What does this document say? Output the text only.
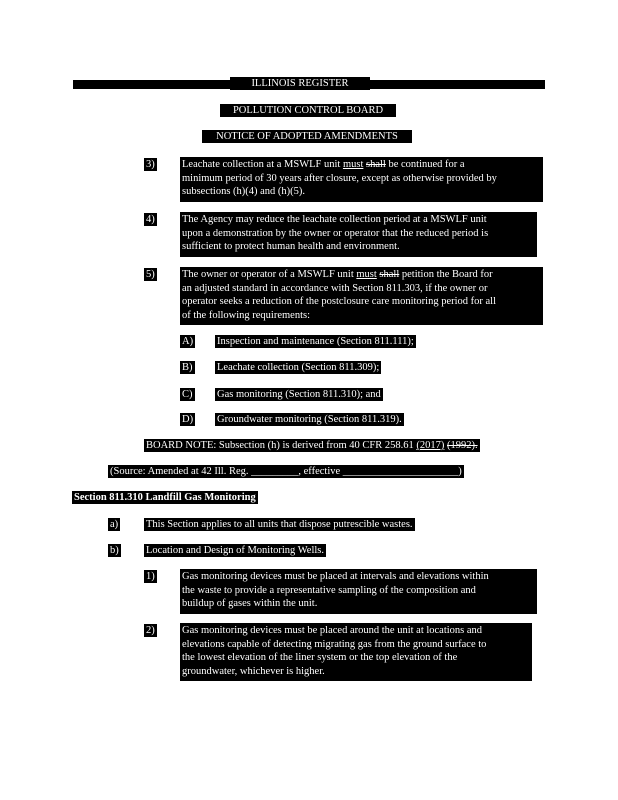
ILLINOIS REGISTER
POLLUTION CONTROL BOARD
NOTICE OF ADOPTED AMENDMENTS
3)	Leachate collection at a MSWLF unit must shall be continued for a
minimum period of 30 years after closure, except as otherwise provided by
subsections (h)(4) and (h)(5).
4)	The Agency may reduce the leachate collection period at a MSWLF unit
upon a demonstration by the owner or operator that the reduced period is
sufficient to protect human health and environment.
5)	The owner or operator of a MSWLF unit must shall petition the Board for
an adjusted standard in accordance with Section 811.303, if the owner or
operator seeks a reduction of the postclosure care monitoring period for all
of the following requirements:
A) Inspection and maintenance (Section 811.111);
B) Leachate collection (Section 811.309);
C) Gas monitoring (Section 811.310); and
D) Groundwater monitoring (Section 811.319).
BOARD NOTE: Subsection (h) is derived from 40 CFR 258.61 (2017) (1992).
(Source: Amended at 42 Ill. Reg. _________, effective ______________________)
Section 811.310 Landfill Gas Monitoring
a)	This Section applies to all units that dispose putrescible wastes.
b)	Location and Design of Monitoring Wells.
1)	Gas monitoring devices must be placed at intervals and elevations within
the waste to provide a representative sampling of the composition and
buildup of gases within the unit.
2)	Gas monitoring devices must be placed around the unit at locations and
elevations capable of detecting migrating gas from the ground surface to
the lowest elevation of the liner system or the top elevation of the
groundwater, whichever is higher.
